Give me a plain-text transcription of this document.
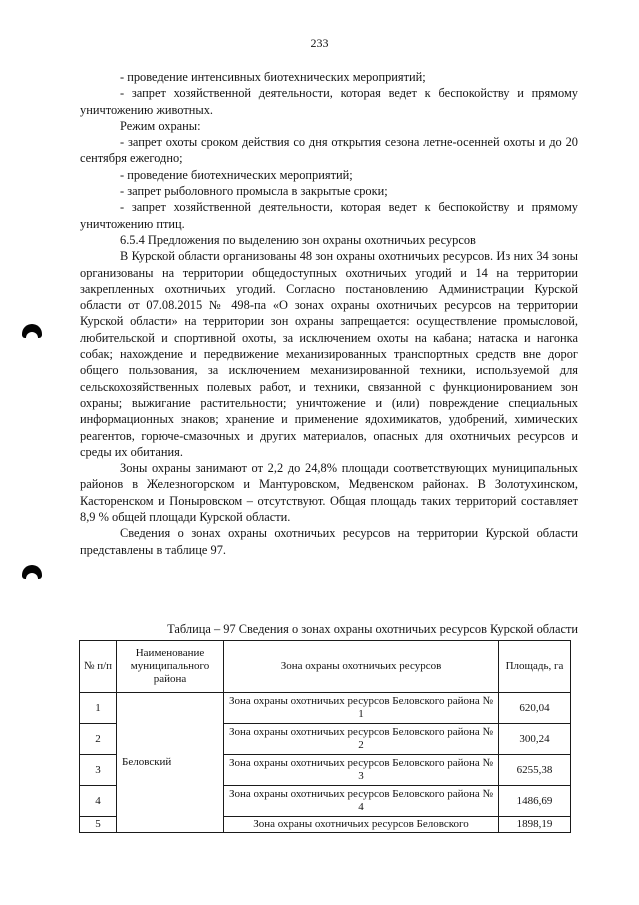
233

- проведение интенсивных биотехнических мероприятий;

- запрет хозяйственной деятельности, которая ведет к беспокойству и прямому уничтожению животных.

Режим охраны:

- запрет охоты сроком действия со дня открытия сезона летне-осенней охоты и до 20 сентября ежегодно;

- проведение биотехнических мероприятий;

- запрет рыболовного промысла в закрытые сроки;

- запрет хозяйственной деятельности, которая ведет к беспокойству и прямому уничтожению птиц.

6.5.4 Предложения по выделению зон охраны охотничьих ресурсов

В Курской области организованы 48 зон охраны охотничьих ресурсов. Из них 34 зоны организованы на территории общедоступных охотничьих угодий и 14 на территории закрепленных охотничьих угодий. Согласно постановлению Администрации Курской области от 07.08.2015 № 498-па «О зонах охраны охотничьих ресурсов на территории Курской области» на территории зон охраны запрещается: осуществление промысловой, любительской и спортивной охоты, за исключением охоты на кабана; натаска и нагонка собак; нахождение и передвижение механизированных транспортных средств вне дорог общего пользования, за исключением механизированной техники, используемой для сельскохозяйственных полевых работ, и техники, связанной с функционированием зон охраны; выжигание растительности; уничтожение и (или) повреждение специальных информационных знаков; хранение и применение ядохимикатов, удобрений, химических реагентов, горюче-смазочных и других материалов, опасных для охотничьих ресурсов и среды их обитания.

Зоны охраны занимают от 2,2 до 24,8% площади соответствующих муниципальных районов в Железногорском и Мантуровском, Медвенском районах. В Золотухинском, Касторенском и Поныровском – отсутствуют. Общая площадь таких территорий составляет 8,9 % общей площади Курской области.

Сведения о зонах охраны охотничьих ресурсов на территории Курской области представлены в таблице 97.

Таблица – 97 Сведения о зонах охраны охотничьих ресурсов Курской области
№ п/п	Наименование муниципального района	Зона охраны охотничьих ресурсов	Площадь, га
1	Беловский	Зона охраны охотничьих ресурсов Беловского района № 1	620,04
2		Зона охраны охотничьих ресурсов Беловского района № 2	300,24
3		Зона охраны охотничьих ресурсов Беловского района № 3	6255,38
4		Зона охраны охотничьих ресурсов Беловского района № 4	1486,69
5		Зона охраны охотничьих ресурсов Беловского	1898,19
